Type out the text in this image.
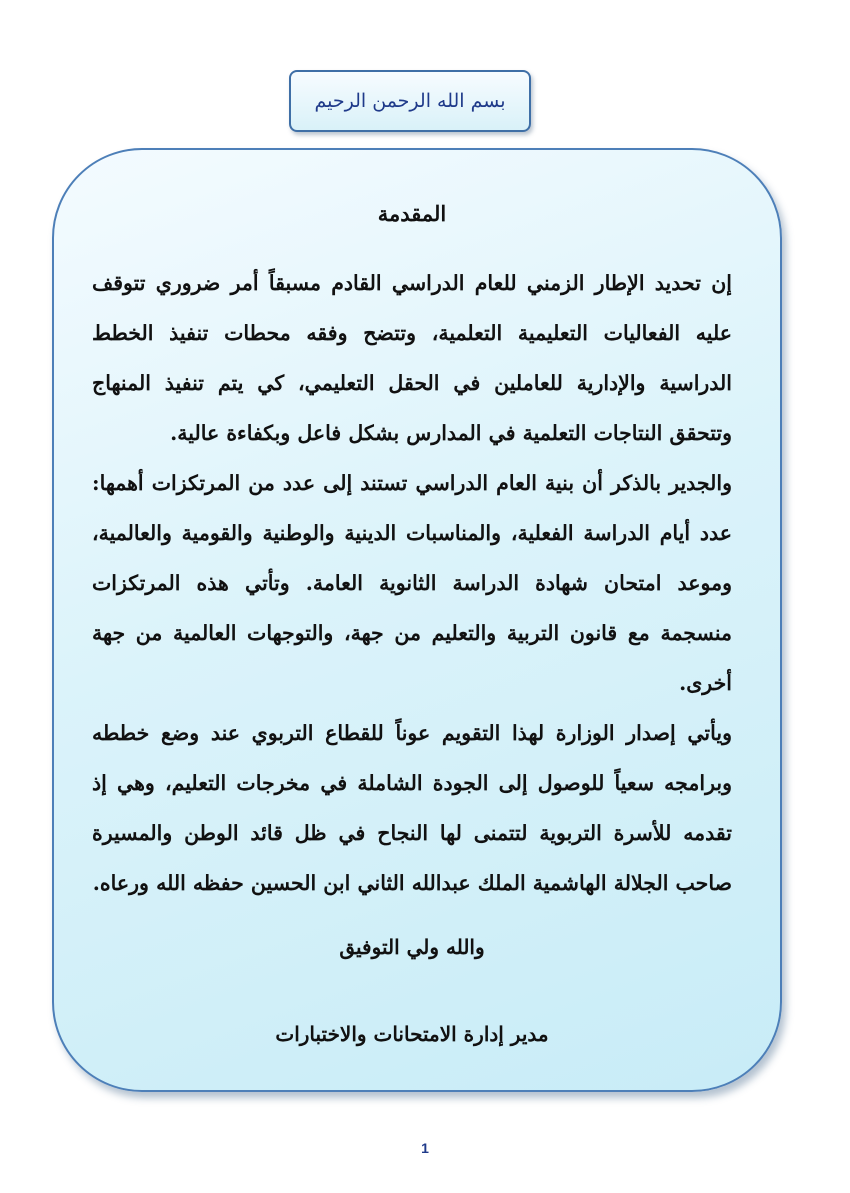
بسم الله الرحمن الرحيم
المقدمة

إن تحديد الإطار الزمني للعام الدراسي القادم مسبقاً أمر ضروري تتوقف عليه الفعاليات التعليمية التعلمية، وتتضح وفقه محطات تنفيذ الخطط الدراسية والإدارية للعاملين في الحقل التعليمي، كي يتم تنفيذ المنهاج وتتحقق النتاجات التعلمية في المدارس بشكل فاعل وبكفاءة عالية.

والجدير بالذكر أن بنية العام الدراسي تستند إلى عدد من المرتكزات أهمها: عدد أيام الدراسة الفعلية، والمناسبات الدينية والوطنية والقومية والعالمية، وموعد امتحان شهادة الدراسة الثانوية العامة. وتأتي هذه المرتكزات منسجمة مع قانون التربية والتعليم من جهة، والتوجهات العالمية من جهة أخرى.

ويأتي إصدار الوزارة لهذا التقويم عوناً للقطاع التربوي عند وضع خططه وبرامجه سعياً للوصول إلى الجودة الشاملة في مخرجات التعليم، وهي إذ تقدمه للأسرة التربوية لتتمنى لها النجاح في ظل قائد الوطن والمسيرة صاحب الجلالة الهاشمية الملك عبدالله الثاني ابن الحسين حفظه الله ورعاه.

والله ولي التوفيق

مدير إدارة الامتحانات والاختبارات

1
